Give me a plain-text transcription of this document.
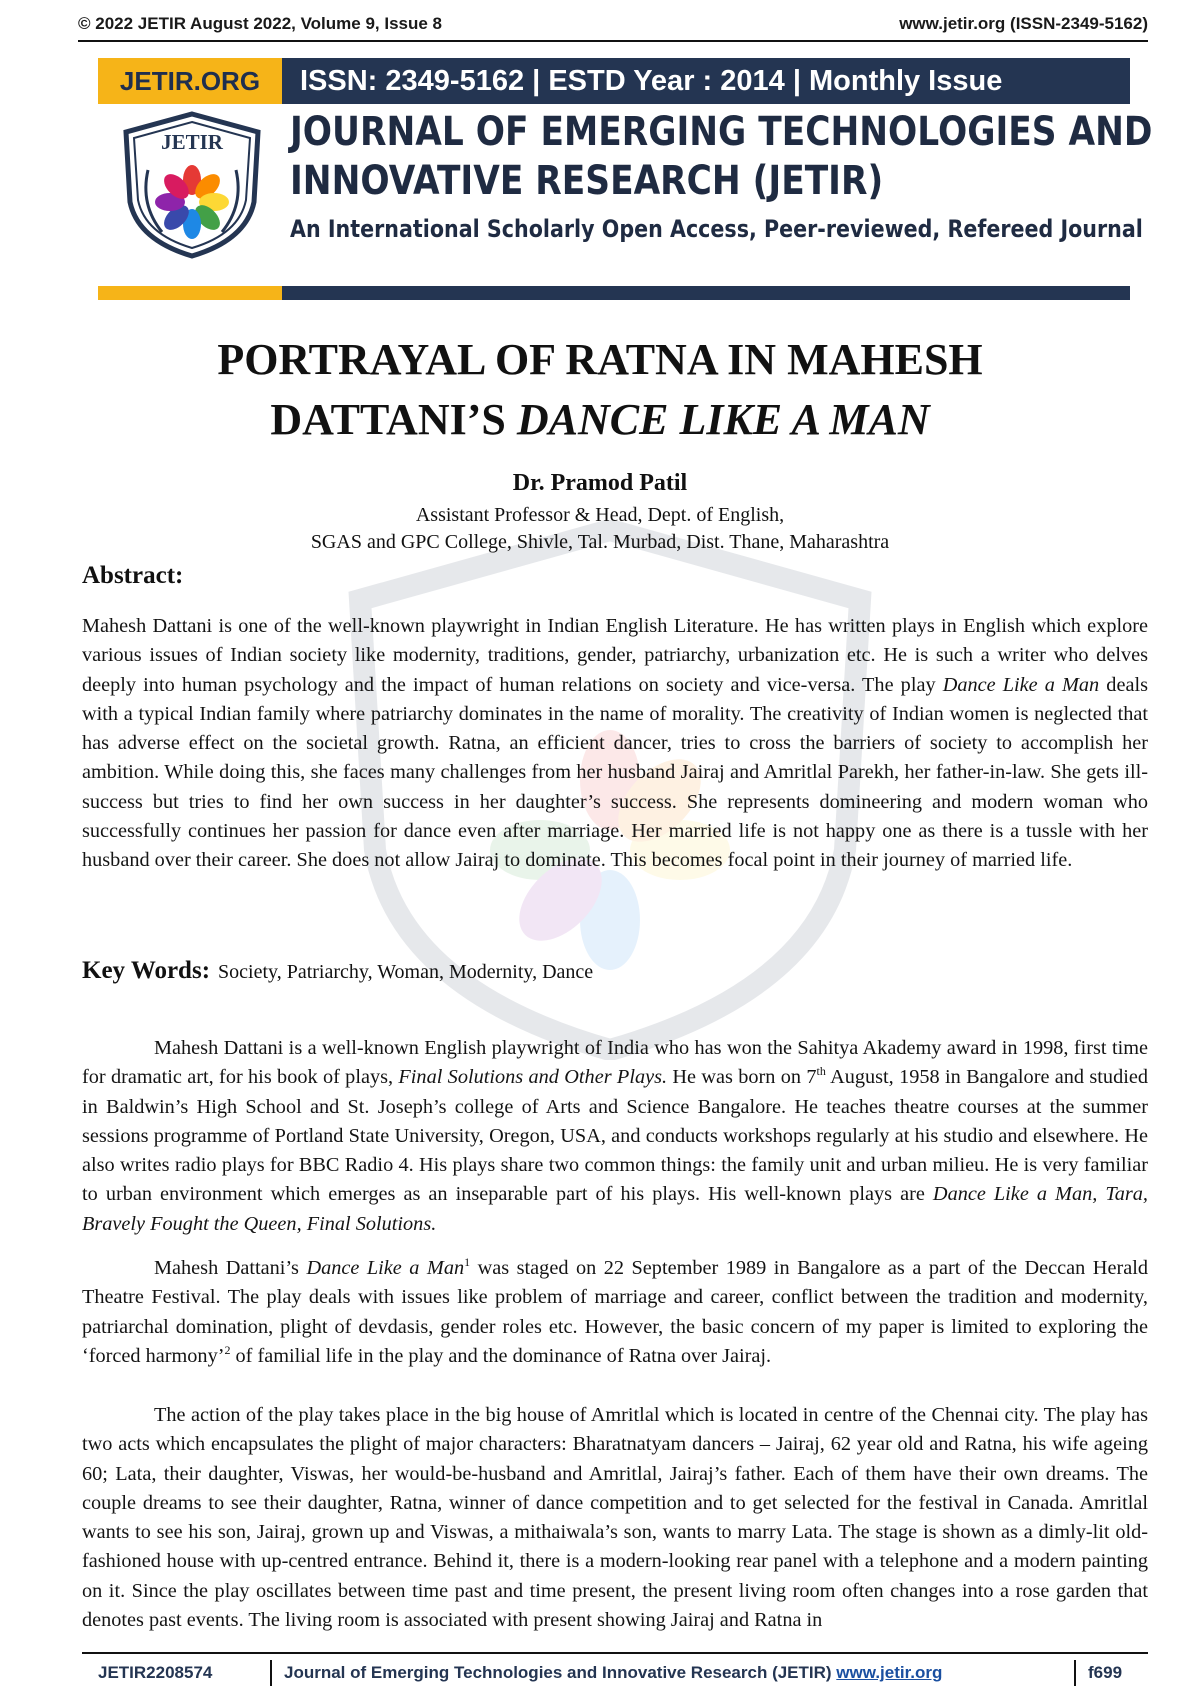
© 2022 JETIR August 2022, Volume 9, Issue 8	www.jetir.org (ISSN-2349-5162)
JETIR.ORG	ISSN: 2349-5162 | ESTD Year : 2014 | Monthly Issue
JETIR	JOURNAL OF EMERGING TECHNOLOGIES AND
INNOVATIVE RESEARCH (JETIR)
An International Scholarly Open Access, Peer-reviewed, Refereed Journal
PORTRAYAL OF RATNA IN MAHESH
DATTANI’S DANCE LIKE A MAN
Dr. Pramod Patil
Assistant Professor & Head, Dept. of English,
SGAS and GPC College, Shivle, Tal. Murbad, Dist. Thane, Maharashtra
Abstract:
Mahesh Dattani is one of the well-known playwright in Indian English Literature. He has written plays in English which explore various issues of Indian society like modernity, traditions, gender, patriarchy, urbanization etc. He is such a writer who delves deeply into human psychology and the impact of human relations on society and vice-versa. The play Dance Like a Man deals with a typical Indian family where patriarchy dominates in the name of morality. The creativity of Indian women is neglected that has adverse effect on the societal growth. Ratna, an efficient dancer, tries to cross the barriers of society to accomplish her ambition. While doing this, she faces many challenges from her husband Jairaj and Amritlal Parekh, her father-in-law. She gets ill-success but tries to find her own success in her daughter’s success. She represents domineering and modern woman who successfully continues her passion for dance even after marriage. Her married life is not happy one as there is a tussle with her husband over their career. She does not allow Jairaj to dominate. This becomes focal point in their journey of married life.
Key Words: Society, Patriarchy, Woman, Modernity, Dance
Mahesh Dattani is a well-known English playwright of India who has won the Sahitya Akademy award in 1998, first time for dramatic art, for his book of plays, Final Solutions and Other Plays. He was born on 7th August, 1958 in Bangalore and studied in Baldwin’s High School and St. Joseph’s college of Arts and Science Bangalore. He teaches theatre courses at the summer sessions programme of Portland State University, Oregon, USA, and conducts workshops regularly at his studio and elsewhere. He also writes radio plays for BBC Radio 4. His plays share two common things: the family unit and urban milieu. He is very familiar to urban environment which emerges as an inseparable part of his plays. His well-known plays are Dance Like a Man, Tara, Bravely Fought the Queen, Final Solutions.
Mahesh Dattani’s Dance Like a Man$^1$ was staged on 22 September 1989 in Bangalore as a part of the Deccan Herald Theatre Festival. The play deals with issues like problem of marriage and career, conflict between the tradition and modernity, patriarchal domination, plight of devdasis, gender roles etc. However, the basic concern of my paper is limited to exploring the ‘forced harmony’$^2$ of familial life in the play and the dominance of Ratna over Jairaj.
The action of the play takes place in the big house of Amritlal which is located in centre of the Chennai city. The play has two acts which encapsulates the plight of major characters: Bharatnatyam dancers – Jairaj, 62 year old and Ratna, his wife ageing 60; Lata, their daughter, Viswas, her would-be-husband and Amritlal, Jairaj’s father. Each of them have their own dreams. The couple dreams to see their daughter, Ratna, winner of dance competition and to get selected for the festival in Canada. Amritlal wants to see his son, Jairaj, grown up and Viswas, a mithaiwala’s son, wants to marry Lata. The stage is shown as a dimly-lit old-fashioned house with up-centred entrance. Behind it, there is a modern-looking rear panel with a telephone and a modern painting on it. Since the play oscillates between time past and time present, the present living room often changes into a rose garden that denotes past events. The living room is associated with present showing Jairaj and Ratna in
JETIR2208574	Journal of Emerging Technologies and Innovative Research (JETIR) www.jetir.org	f699
